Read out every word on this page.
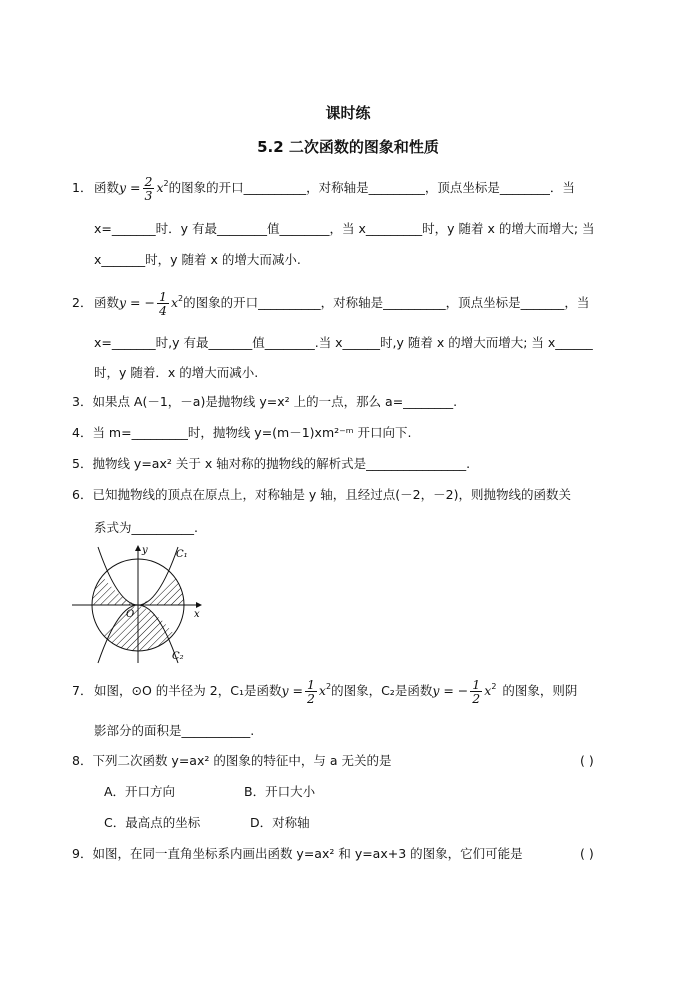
课时练
5.2 二次函数的图象和性质
1． 函数$y = \frac{2}{3} x^2$的图象的开口__________，对称轴是_________，顶点坐标是________．当
x=_______时．y 有最________值________，当 x_________时，y 随着 x 的增大而增大; 当
x_______时，y 随着 x 的增大而减小.
2． 函数y = − $\frac{1}{4} x^2$的图象的开口__________，对称轴是__________，顶点坐标是_______，当
x=_______时,y 有最_______值________.当 x______时,y 随着 x 的增大而增大; 当 x______
时，y 随着．x 的增大而减小.
3．如果点 A(－1，－a)是抛物线 y=x² 上的一点，那么 a=________.
4．当 m=_________时，抛物线 y=(m－1)xm²⁻ᵐ 开口向下.
5．抛物线 y=ax² 关于 x 轴对称的抛物线的解析式是________________.
6．已知抛物线的顶点在原点上，对称轴是 y 轴，且经过点(－2，－2)，则抛物线的函数关
系式为__________.
y
x
O
C₁
C₂
7． 如图，⊙O 的半径为 2，C₁是函数$y = \frac{1}{2} x^2$的图象，C₂是函数y = − $\frac{1}{2} x^2$ 的图象，则阴
影部分的面积是___________.
8．下列二次函数 y=ax² 的图象的特征中，与 a 无关的是	( )
A．开口方向	B．开口大小
C．最高点的坐标	D．对称轴
9．如图，在同一直角坐标系内画出函数 y=ax² 和 y=ax+3 的图象，它们可能是	( )
